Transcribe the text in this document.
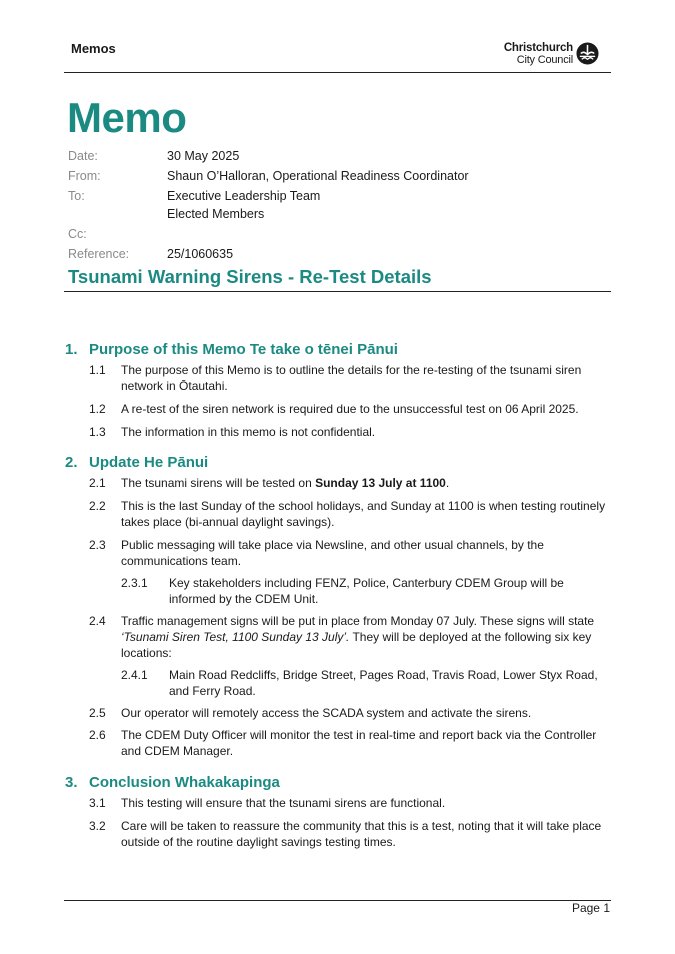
Memos	Christchurch
City Council
Memo
Date:	30 May 2025
From:	Shaun O’Halloran, Operational Readiness Coordinator
To:	Executive Leadership Team
Elected Members
Cc:
Reference:	25/1060635
Tsunami Warning Sirens - Re-Test Details
1. Purpose of this Memo Te take o tēnei Pānui
1.1 The purpose of this Memo is to outline the details for the re-testing of the tsunami siren network in Ōtautahi.
1.2 A re-test of the siren network is required due to the unsuccessful test on 06 April 2025.
1.3 The information in this memo is not confidential.
2. Update He Pānui
2.1 The tsunami sirens will be tested on Sunday 13 July at 1100.
2.2 This is the last Sunday of the school holidays, and Sunday at 1100 is when testing routinely takes place (bi-annual daylight savings).
2.3 Public messaging will take place via Newsline, and other usual channels, by the communications team.
2.3.1 Key stakeholders including FENZ, Police, Canterbury CDEM Group will be informed by the CDEM Unit.
2.4 Traffic management signs will be put in place from Monday 07 July. These signs will state ‘Tsunami Siren Test, 1100 Sunday 13 July’. They will be deployed at the following six key locations:
2.4.1 Main Road Redcliffs, Bridge Street, Pages Road, Travis Road, Lower Styx Road, and Ferry Road.
2.5 Our operator will remotely access the SCADA system and activate the sirens.
2.6 The CDEM Duty Officer will monitor the test in real-time and report back via the Controller and CDEM Manager.
3. Conclusion Whakakapinga
3.1 This testing will ensure that the tsunami sirens are functional.
3.2 Care will be taken to reassure the community that this is a test, noting that it will take place outside of the routine daylight savings testing times.
Page 1
